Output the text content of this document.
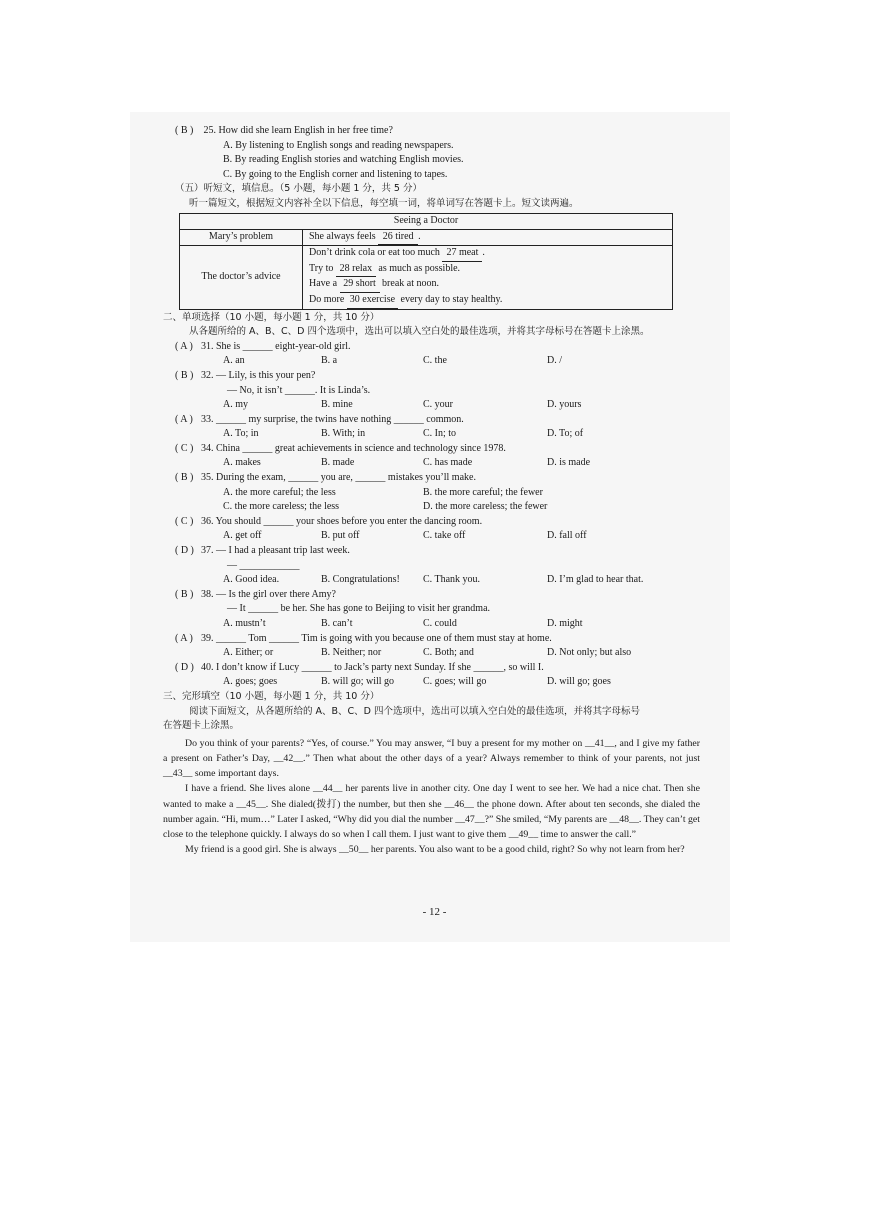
( B ) 25. How did she learn English in her free time?
A. By listening to English songs and reading newspapers.
B. By reading English stories and watching English movies.
C. By going to the English corner and listening to tapes.
（五）听短文，填信息。（5 小题，每小题 1 分，共 5 分）
听一篇短文，根据短文内容补全以下信息，每空填一词，将单词写在答题卡上。短文读两遍。
Seeing a Doctor	
Mary’s problem	She always feels 26 tired .
The doctor’s advice	Don’t drink cola or eat too much 27 meat .
Try to 28 relax as much as possible.
Have a 29 short break at noon.
Do more 30 exercise every day to stay healthy.
二、单项选择（10 小题，每小题 1 分，共 10 分）
从各题所给的 A、B、C、D 四个选项中，选出可以填入空白处的最佳选项，并将其字母标号在答题卡上涂黑。
( A ) 31. She is ______ eight-year-old girl.
A. an	B. a	C. the	D. /
( B ) 32. — Lily, is this your pen?
— No, it isn’t ______. It is Linda’s.
A. my	B. mine	C. your	D. yours
( A ) 33. ______ my surprise, the twins have nothing ______ common.
A. To; in	B. With; in	C. In; to	D. To; of
( C ) 34. China ______ great achievements in science and technology since 1978.
A. makes	B. made	C. has made	D. is made
( B ) 35. During the exam, ______ you are, ______ mistakes you’ll make.
A. the more careful; the less	B. the more careful; the fewer
C. the more careless; the less	D. the more careless; the fewer
( C ) 36. You should ______ your shoes before you enter the dancing room.
A. get off	B. put off	C. take off	D. fall off
( D ) 37. — I had a pleasant trip last week.
— ____________
A. Good idea.	B. Congratulations! C. Thank you.	D. I’m glad to hear that.
( B ) 38. — Is the girl over there Amy?
— It ______ be her. She has gone to Beijing to visit her grandma.
A. mustn’t	B. can’t	C. could	D. might
( A ) 39. ______ Tom ______ Tim is going with you because one of them must stay at home.
A. Either; or	B. Neither; nor	C. Both; and	D. Not only; but also
( D ) 40. I don’t know if Lucy ______ to Jack’s party next Sunday. If she ______, so will I.
A. goes; goes	B. will go; will go	C. goes; will go	D. will go; goes
三、完形填空（10 小题，每小题 1 分，共 10 分）
阅读下面短文，从各题所给的 A、B、C、D 四个选项中，选出可以填入空白处的最佳选项，并将其字母标号
在答题卡上涂黑。

Do you think of your parents? “Yes, of course.” You may answer, “I buy a present for my mother on __41__, and I give my father a present on Father’s Day, __42__.” Then what about the other days of a year? Always remember to think of your parents, not just __43__ some important days.

I have a friend. She lives alone __44__ her parents live in another city. One day I went to see her. We had a nice chat. Then she wanted to make a __45__. She dialed(拨打) the number, but then she __46__ the phone down. After about ten seconds, she dialed the number again. “Hi, mum…” Later I asked, “Why did you dial the number __47__?” She smiled, “My parents are __48__. They can’t get close to the telephone quickly. I always do so when I call them. I just want to give them __49__ time to answer the call.”

My friend is a good girl. She is always __50__ her parents. You also want to be a good child, right? So why not learn from her?

- 12 -
